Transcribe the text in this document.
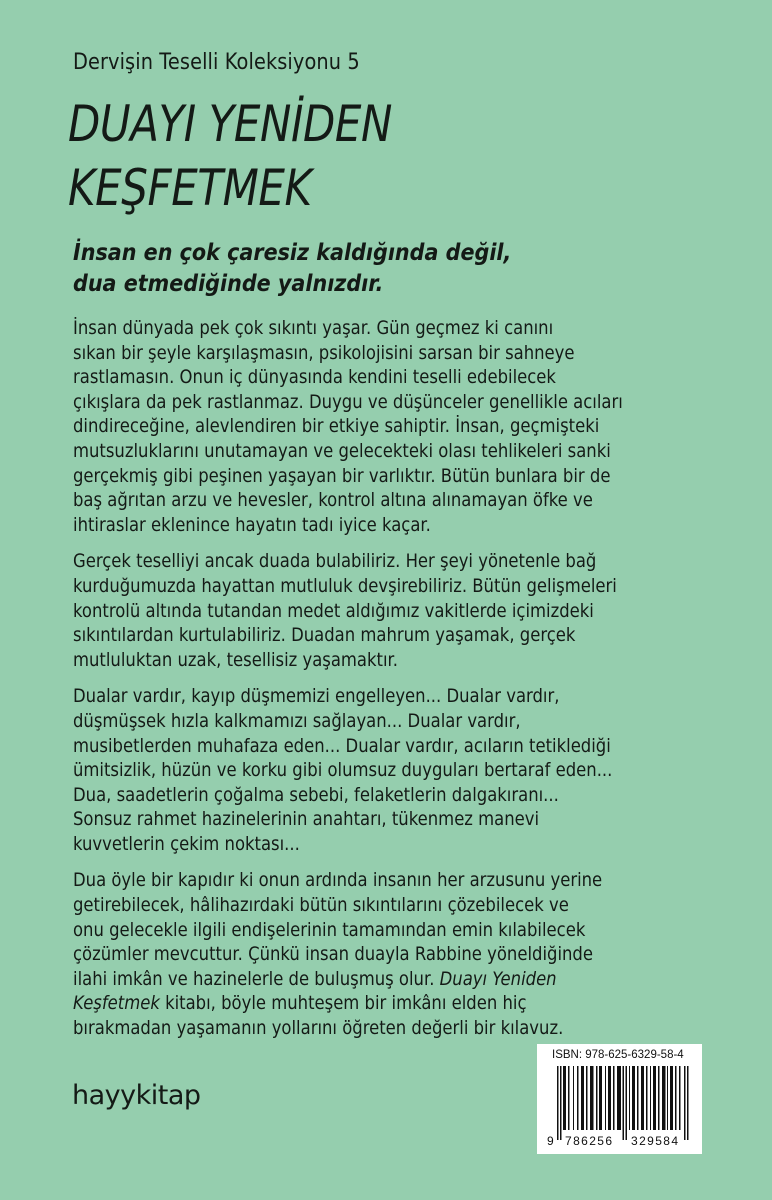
Dervişin Teselli Koleksiyonu 5
DUAYI YENİDEN
KEŞFETMEK
İnsan en çok çaresiz kaldığında değil,
dua etmediğinde yalnızdır.

İnsan dünyada pek çok sıkıntı yaşar. Gün geçmez ki canını
sıkan bir şeyle karşılaşmasın, psikolojisini sarsan bir sahneye
rastlamasın. Onun iç dünyasında kendini teselli edebilecek
çıkışlara da pek rastlanmaz. Duygu ve düşünceler genellikle acıları
dindireceğine, alevlendiren bir etkiye sahiptir. İnsan, geçmişteki
mutsuzluklarını unutamayan ve gelecekteki olası tehlikeleri sanki
gerçekmiş gibi peşinen yaşayan bir varlıktır. Bütün bunlara bir de
baş ağrıtan arzu ve hevesler, kontrol altına alınamayan öfke ve
ihtiraslar eklenince hayatın tadı iyice kaçar.

Gerçek teselliyi ancak duada bulabiliriz. Her şeyi yönetenle bağ
kurduğumuzda hayattan mutluluk devşirebiliriz. Bütün gelişmeleri
kontrolü altında tutandan medet aldığımız vakitlerde içimizdeki
sıkıntılardan kurtulabiliriz. Duadan mahrum yaşamak, gerçek
mutluluktan uzak, tesellisiz yaşamaktır.

Dualar vardır, kayıp düşmemizi engelleyen... Dualar vardır,
düşmüşsek hızla kalkmamızı sağlayan... Dualar vardır,
musibetlerden muhafaza eden... Dualar vardır, acıların tetiklediği
ümitsizlik, hüzün ve korku gibi olumsuz duyguları bertaraf eden...
Dua, saadetlerin çoğalma sebebi, felaketlerin dalgakıranı...
Sonsuz rahmet hazinelerinin anahtarı, tükenmez manevi
kuvvetlerin çekim noktası...

Dua öyle bir kapıdır ki onun ardında insanın her arzusunu yerine
getirebilecek, hâlihazırdaki bütün sıkıntılarını çözebilecek ve
onu gelecekle ilgili endişelerinin tamamından emin kılabilecek
çözümler mevcuttur. Çünkü insan duayla Rabbine yöneldiğinde
ilahi imkân ve hazinelerle de buluşmuş olur. Duayı Yeniden
Keşfetmek kitabı, böyle muhteşem bir imkânı elden hiç
bırakmadan yaşamanın yollarını öğreten değerli bir kılavuz.

hayykitap
ISBN: 978-625-6329-58-4
9 786256 329584
